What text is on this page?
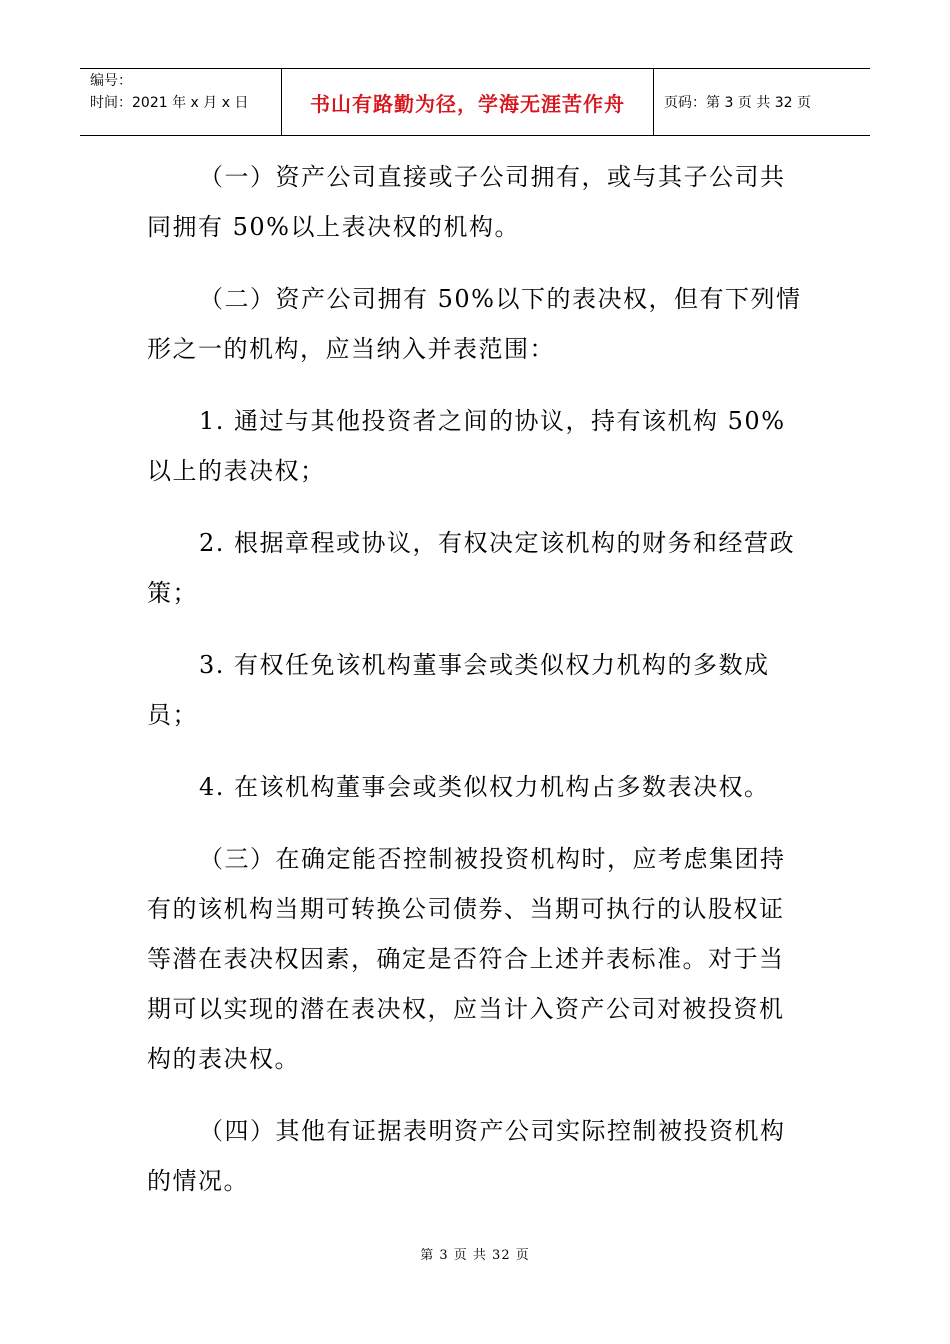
编号：
时间：2021 年 x 月 x 日	书山有路勤为径，学海无涯苦作舟	页码：第 3 页 共 32 页

（一）资产公司直接或子公司拥有，或与其子公司共同拥有 50%以上表决权的机构。

（二）资产公司拥有 50%以下的表决权，但有下列情形之一的机构，应当纳入并表范围：

1. 通过与其他投资者之间的协议，持有该机构 50%以上的表决权；

2. 根据章程或协议，有权决定该机构的财务和经营政策；

3. 有权任免该机构董事会或类似权力机构的多数成员；

4. 在该机构董事会或类似权力机构占多数表决权。

（三）在确定能否控制被投资机构时，应考虑集团持有的该机构当期可转换公司债券、当期可执行的认股权证等潜在表决权因素，确定是否符合上述并表标准。对于当期可以实现的潜在表决权，应当计入资产公司对被投资机构的表决权。

（四）其他有证据表明资产公司实际控制被投资机构的情况。

第 3 页 共 32 页
